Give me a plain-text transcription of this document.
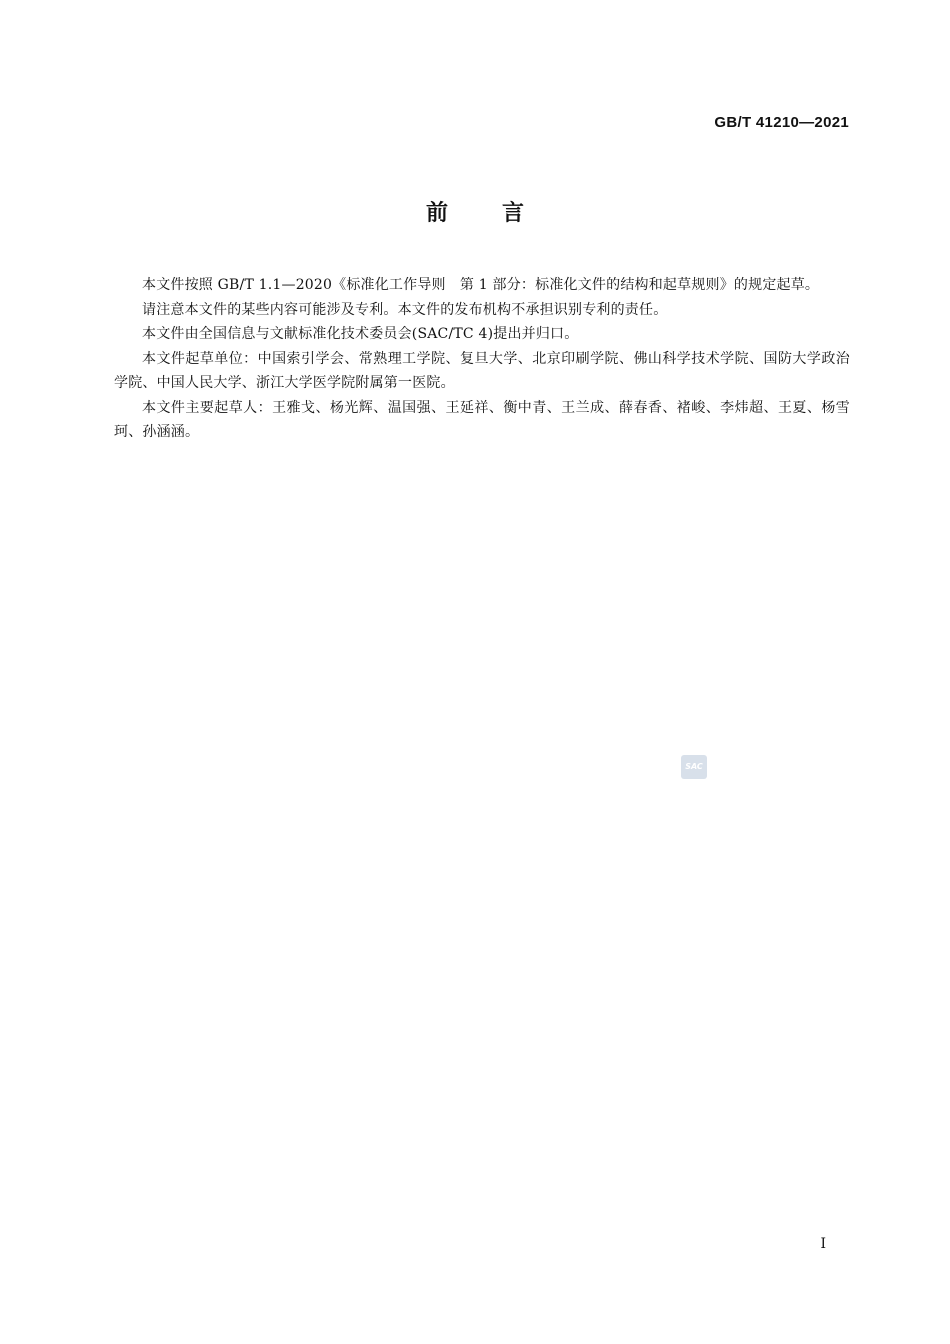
GB/T 41210—2021
前言

本文件按照 GB/T 1.1—2020《标准化工作导则　第 1 部分：标准化文件的结构和起草规则》的规定起草。

请注意本文件的某些内容可能涉及专利。本文件的发布机构不承担识别专利的责任。

本文件由全国信息与文献标准化技术委员会(SAC/TC 4)提出并归口。

本文件起草单位：中国索引学会、常熟理工学院、复旦大学、北京印刷学院、佛山科学技术学院、国防大学政治学院、中国人民大学、浙江大学医学院附属第一医院。

本文件主要起草人：王雅戈、杨光辉、温国强、王延祥、衡中青、王兰成、薛春香、褚峻、李炜超、王夏、杨雪珂、孙涵涵。

SAC
I
